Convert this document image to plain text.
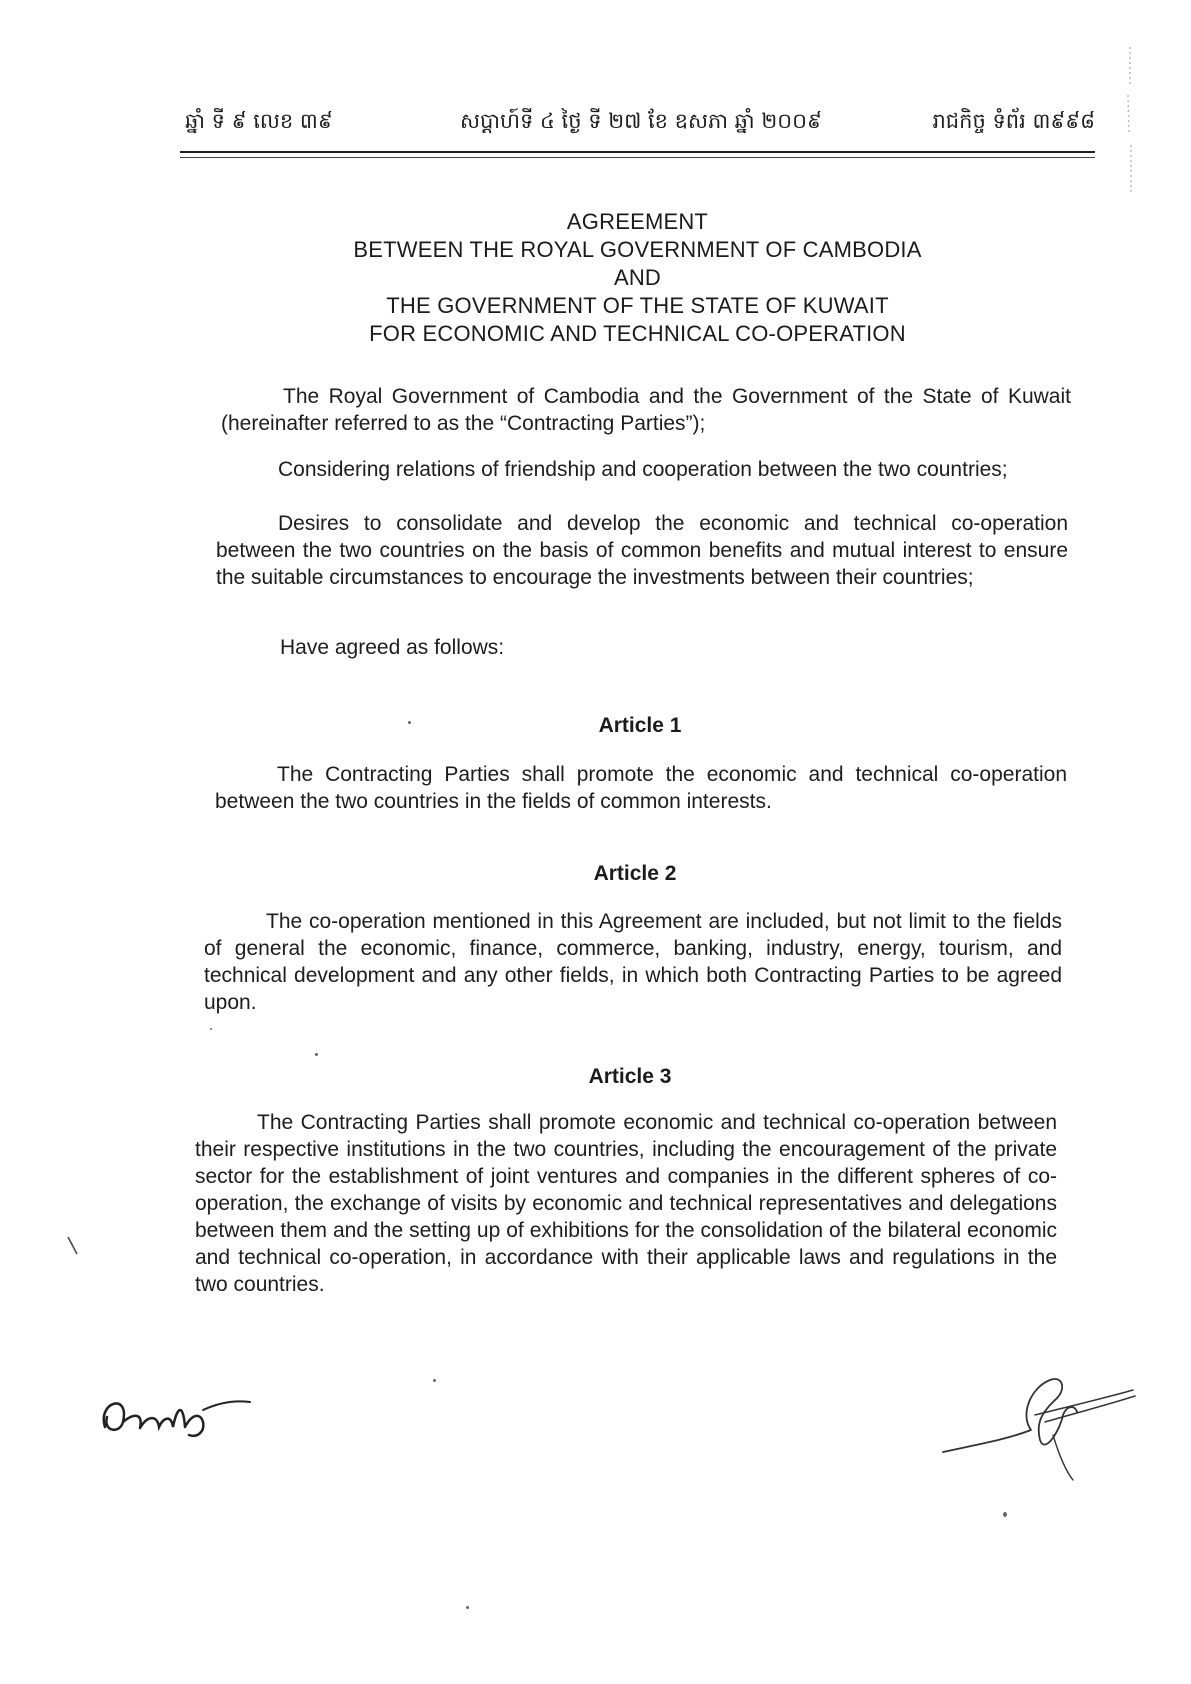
ឆ្នាំ ទី ៩ លេខ ៣៩	សប្តាហ៍ទី ៤ ថ្ងៃ ទី ២៧ ខែ ឧសភា ឆ្នាំ ២០០៩	រាជកិច្ច ទំព័រ ៣៩៩៨
AGREEMENT
BETWEEN THE ROYAL GOVERNMENT OF CAMBODIA
AND
THE GOVERNMENT OF THE STATE OF KUWAIT
FOR ECONOMIC AND TECHNICAL CO-OPERATION

The Royal Government of Cambodia and the Government of the State of Kuwait (hereinafter referred to as the “Contracting Parties”);

Considering relations of friendship and cooperation between the two countries;

Desires to consolidate and develop the economic and technical co-operation between the two countries on the basis of common benefits and mutual interest to ensure the suitable circumstances to encourage the investments between their countries;

Have agreed as follows:

Article 1

The Contracting Parties shall promote the economic and technical co-operation between the two countries in the fields of common interests.

Article 2

The co-operation mentioned in this Agreement are included, but not limit to the fields of general the economic, finance, commerce, banking, industry, energy, tourism, and technical development and any other fields, in which both Contracting Parties to be agreed upon.

Article 3

The Contracting Parties shall promote economic and technical co-operation between their respective institutions in the two countries, including the encouragement of the private sector for the establishment of joint ventures and companies in the different spheres of co-operation, the exchange of visits by economic and technical representatives and delegations between them and the setting up of exhibitions for the consolidation of the bilateral economic and technical co-operation, in accordance with their applicable laws and regulations in the two countries.
